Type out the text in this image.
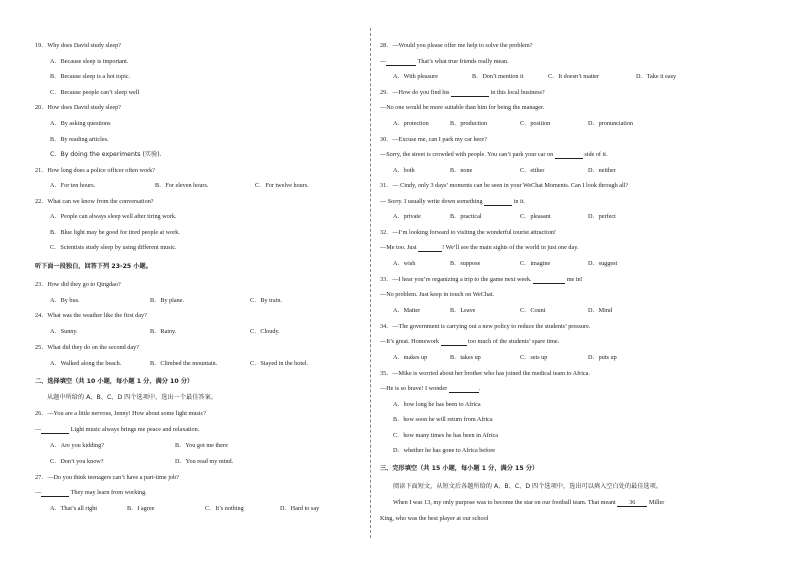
19．Why does David study sleep?
A．Because sleep is important.
B．Because sleep is a hot topic.
C．Because people can’t sleep well
20．How does David study sleep?
A．By asking questions
B．By reading articles.
C．By doing the experiments (实验).
21．How long does a police officer often work?
A．For ten hours.	B．For eleven hours.	C．For twelve hours.
22．What can we know from the conversation?
A．People can always sleep well after tiring work.
B．Blue light may be good for tired people at work.
C．Scientists study sleep by using different music.
听下面一段独白，回答下列 23-25 小题。
23．How did they go to Qingdao?
A．By bus.	B．By plane.	C．By train.
24．What was the weather like the first day?
A．Sunny.	B．Rainy.	C．Cloudy.
25．What did they do on the second day?
A．Walked along the beach.	B．Climbed the mountain.	C．Stayed in the hotel.
二、选择填空（共 10 小题，每小题 1 分，满分 10 分）
从题中所给的 A、B、C、D 四个选项中，选出一个最佳答案。
26．—You are a little nervous, Jenny! How about some light music?
—	Light music always brings me peace and relaxation.
A．Are you kidding?	B．You got me there
C．Don’t you know?	D．You read my mind.
27．—Do you think teenagers can’t have a part-time job?
—	They may learn from working.
A．That’s all right	B．I agree	C．It’s nothing	D．Hard to say
28．—Would you please offer me help to solve the problem?
—	That’s what true friends really mean.
A．With pleasure	B．Don’t mention it	C．It doesn’t matter	D．Take it easy
29．—How do you find his	in this local business?
—No one would be more suitable than him for being the manager.
A．protection	B．production	C．position	D．pronunciation
30．—Excuse me, can I park my car here?
—Sorry, the street is crowded with people. You can’t park your car on	side of it.
A．both	B．none	C．either	D．neither
31．— Cindy, only 3 days’ moments can be seen in your WeChat Moments. Can I look through all?
— Sorry. I usually write down something	in it.
A．private	B．practical	C．pleasant	D．perfect
32．—I’m looking forward to visiting the wonderful tourist attraction!
—Me too. Just	! We’ll see the main sights of the world in just one day.
A．wish	B．suppose	C．imagine	D．suggest
33．—I hear you’re organizing a trip to the game next week.	me in!
—No problem. Just keep in touch on WeChat.
A．Matter	B．Leave	C．Count	D．Mind
34．—The government is carrying out a new policy to reduce the students’ pressure.
—It’s great. Homework	too much of the students’ spare time.
A．makes up	B．takes up	C．sets up	D．puts up
35．—Mike is worried about her brother who has joined the medical team to Africa.
—He is so brave! I wonder	.
A．how long he has been to Africa
B．how soon he will return from Africa
C．how many times he has been in Africa
D．whether he has gone to Africa before
三、完形填空（共 15 小题，每小题 1 分，满分 15 分）
阅读下面短文，从短文后各题所给的 A、B、C、D 四个选项中，选出可以填入空白处的最佳选项。
When I was 13, my only purpose was to become the star on our football team. That meant 36 Miller
King, who was the best player at our school
